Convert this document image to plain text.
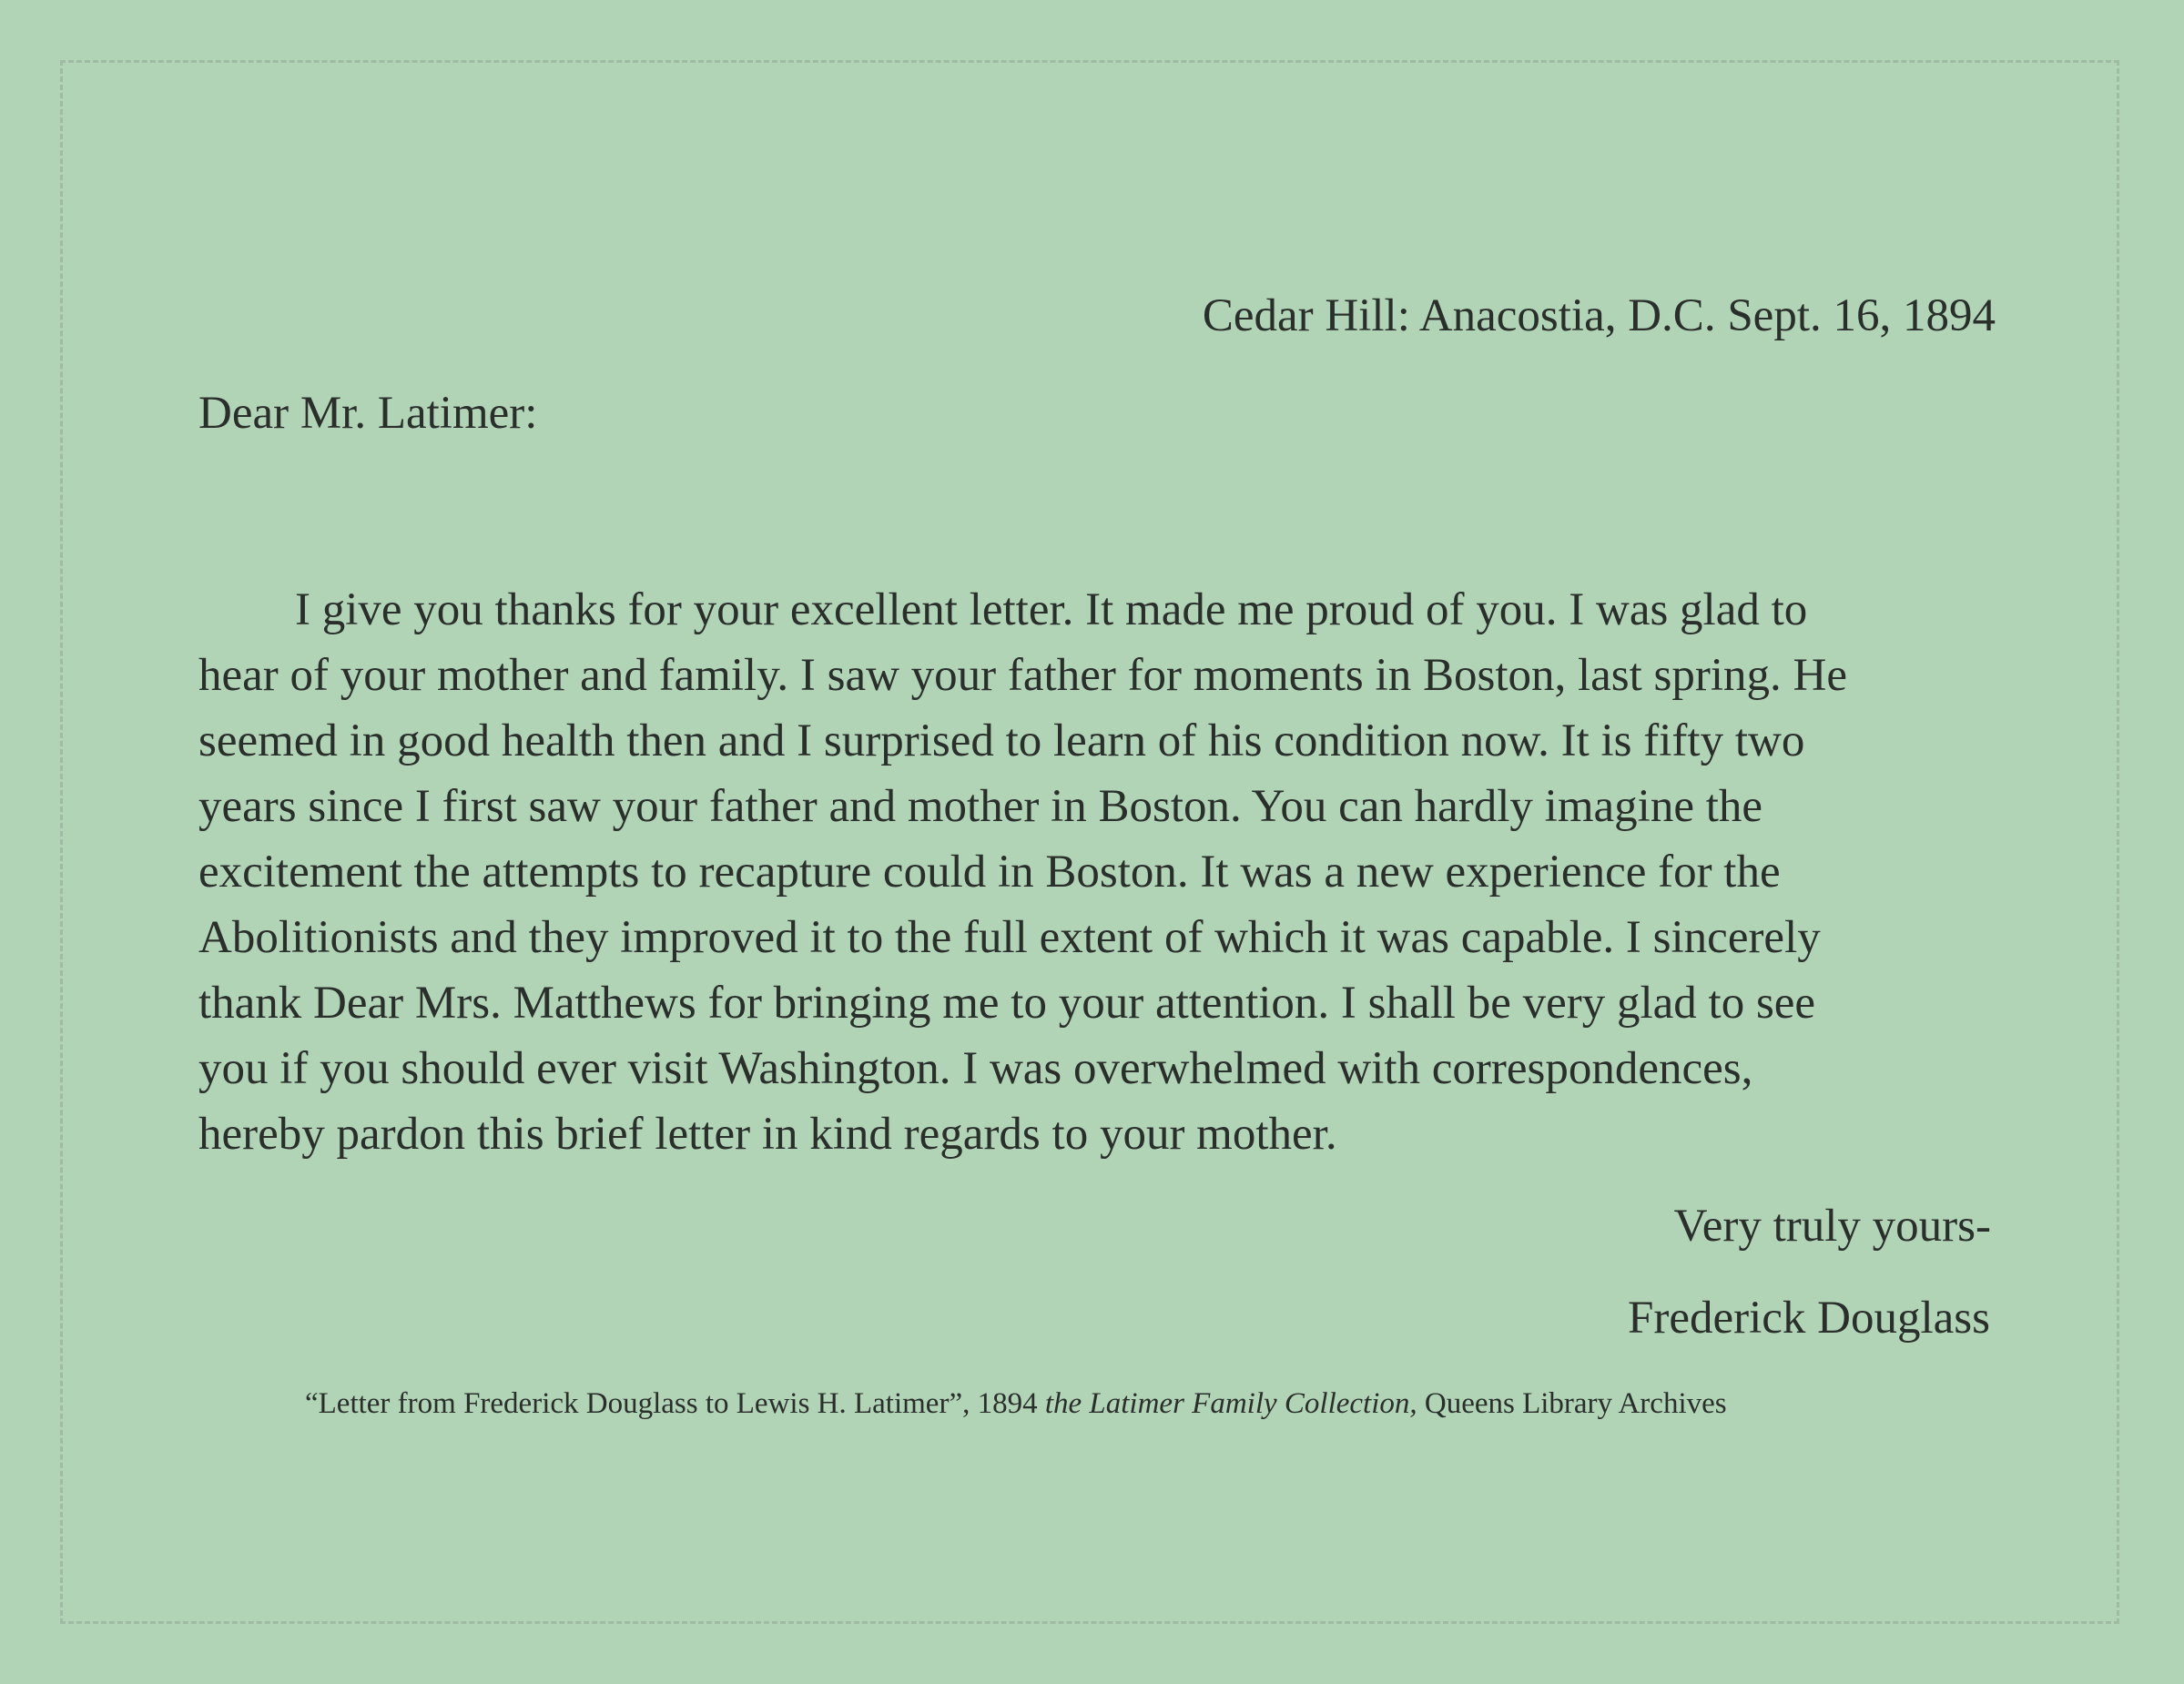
Cedar Hill: Anacostia, D.C. Sept. 16, 1894
Dear Mr. Latimer:
I give you thanks for your excellent letter. It made me proud of you. I was glad to
hear of your mother and family. I saw your father for moments in Boston, last spring. He
seemed in good health then and I surprised to learn of his condition now. It is fifty two
years since I first saw your father and mother in Boston. You can hardly imagine the
excitement the attempts to recapture could in Boston. It was a new experience for the
Abolitionists and they improved it to the full extent of which it was capable. I sincerely
thank Dear Mrs. Matthews for bringing me to your attention. I shall be very glad to see
you if you should ever visit Washington. I was overwhelmed with correspondences,
hereby pardon this brief letter in kind regards to your mother.
Very truly yours-
Frederick Douglass
“Letter from Frederick Douglass to Lewis H. Latimer”, 1894 the Latimer Family Collection, Queens Library Archives
